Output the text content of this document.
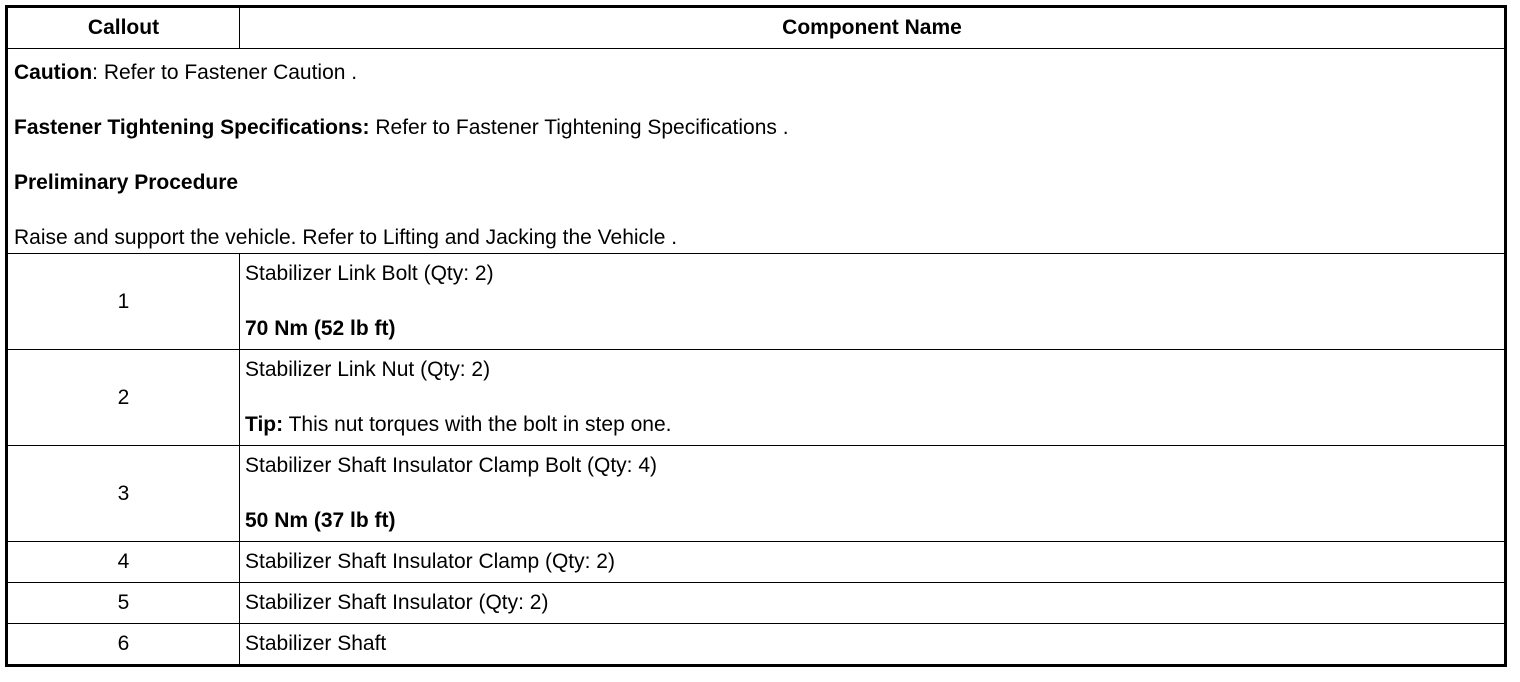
Callout	Component Name

Caution: Refer to Fastener Caution .
Fastener Tightening Specifications: Refer to Fastener Tightening Specifications .
Preliminary Procedure
Raise and support the vehicle. Refer to Lifting and Jacking the Vehicle .	

1	Stabilizer Link Bolt (Qty: 2)
70 Nm (52 lb ft)

2	Stabilizer Link Nut (Qty: 2)
Tip: This nut torques with the bolt in step one.

3	Stabilizer Shaft Insulator Clamp Bolt (Qty: 4)
50 Nm (37 lb ft)

4	Stabilizer Shaft Insulator Clamp (Qty: 2)
5	Stabilizer Shaft Insulator (Qty: 2)
6	Stabilizer Shaft
